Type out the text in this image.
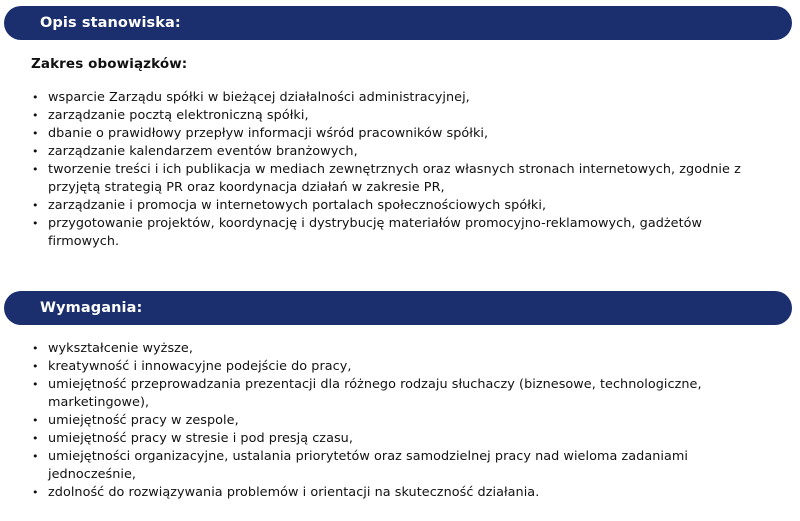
Opis stanowiska:
Zakres obowiązków:
• wsparcie Zarządu spółki w bieżącej działalności administracyjnej,
• zarządzanie pocztą elektroniczną spółki,
• dbanie o prawidłowy przepływ informacji wśród pracowników spółki,
• zarządzanie kalendarzem eventów branżowych,
• tworzenie treści i ich publikacja w mediach zewnętrznych oraz własnych stronach internetowych, zgodnie z przyjętą strategią PR oraz koordynacja działań w zakresie PR,
• zarządzanie i promocja w internetowych portalach społecznościowych spółki,
• przygotowanie projektów, koordynację i dystrybucję materiałów promocyjno-reklamowych, gadżetów firmowych.
Wymagania:
• wykształcenie wyższe,
• kreatywność i innowacyjne podejście do pracy,
• umiejętność przeprowadzania prezentacji dla różnego rodzaju słuchaczy (biznesowe, technologiczne, marketingowe),
• umiejętność pracy w zespole,
• umiejętność pracy w stresie i pod presją czasu,
• umiejętności organizacyjne, ustalania priorytetów oraz samodzielnej pracy nad wieloma zadaniami jednocześnie,
• zdolność do rozwiązywania problemów i orientacji na skuteczność działania.
